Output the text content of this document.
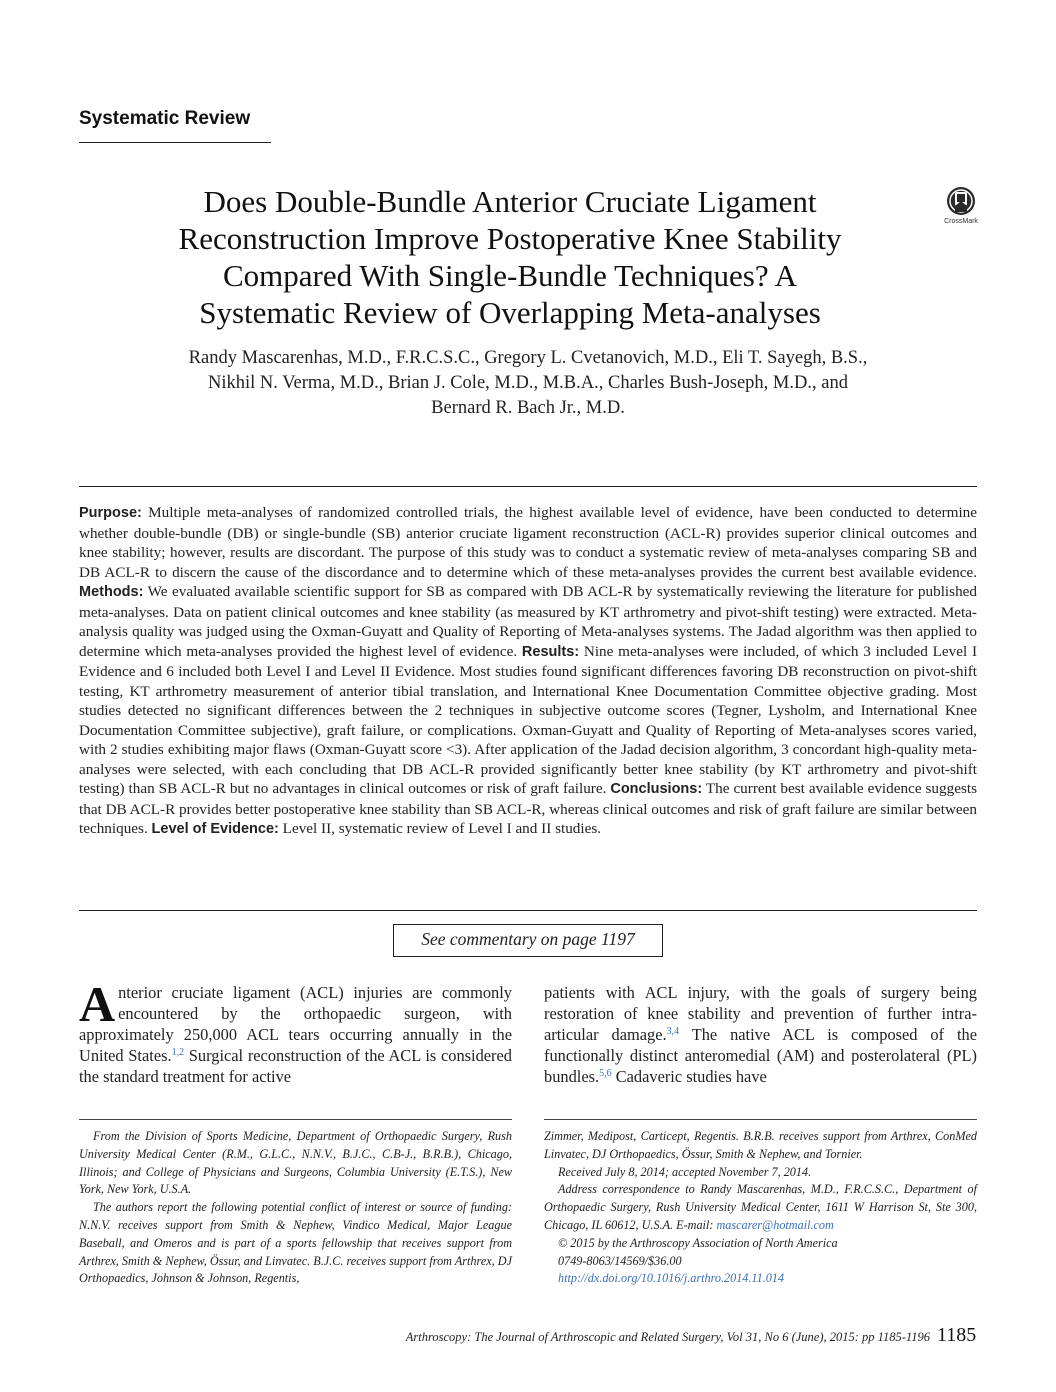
Systematic Review
Does Double-Bundle Anterior Cruciate Ligament
Reconstruction Improve Postoperative Knee Stability
Compared With Single-Bundle Techniques? A
Systematic Review of Overlapping Meta-analyses
CrossMark
Randy Mascarenhas, M.D., F.R.C.S.C., Gregory L. Cvetanovich, M.D., Eli T. Sayegh, B.S.,
Nikhil N. Verma, M.D., Brian J. Cole, M.D., M.B.A., Charles Bush-Joseph, M.D., and
Bernard R. Bach Jr., M.D.
Purpose: Multiple meta-analyses of randomized controlled trials, the highest available level of evidence, have been conducted to determine whether double-bundle (DB) or single-bundle (SB) anterior cruciate ligament reconstruction (ACL-R) provides superior clinical outcomes and knee stability; however, results are discordant. The purpose of this study was to conduct a systematic review of meta-analyses comparing SB and DB ACL-R to discern the cause of the discordance and to determine which of these meta-analyses provides the current best available evidence. Methods: We evaluated available scientific support for SB as compared with DB ACL-R by systematically reviewing the literature for published meta-analyses. Data on patient clinical outcomes and knee stability (as measured by KT arthrometry and pivot-shift testing) were extracted. Meta-analysis quality was judged using the Oxman-Guyatt and Quality of Reporting of Meta-analyses systems. The Jadad algorithm was then applied to determine which meta-analyses provided the highest level of evidence. Results: Nine meta-analyses were included, of which 3 included Level I Evidence and 6 included both Level I and Level II Evidence. Most studies found significant differences favoring DB reconstruction on pivot-shift testing, KT arthrometry measurement of anterior tibial translation, and International Knee Documentation Committee objective grading. Most studies detected no significant differences between the 2 techniques in subjective outcome scores (Tegner, Lysholm, and International Knee Documentation Committee subjective), graft failure, or complications. Oxman-Guyatt and Quality of Reporting of Meta-analyses scores varied, with 2 studies exhibiting major flaws (Oxman-Guyatt score <3). After application of the Jadad decision algorithm, 3 concordant high-quality meta-analyses were selected, with each concluding that DB ACL-R provided significantly better knee stability (by KT arthrometry and pivot-shift testing) than SB ACL-R but no advantages in clinical outcomes or risk of graft failure. Conclusions: The current best available evidence suggests that DB ACL-R provides better postoperative knee stability than SB ACL-R, whereas clinical outcomes and risk of graft failure are similar between techniques. Level of Evidence: Level II, systematic review of Level I and II studies.
See commentary on page 1197
Anterior cruciate ligament (ACL) injuries are commonly encountered by the orthopaedic surgeon, with approximately 250,000 ACL tears occurring annually in the United States.$^{1,2}$ Surgical reconstruction of the ACL is considered the standard treatment for active
patients with ACL injury, with the goals of surgery being restoration of knee stability and prevention of further intra-articular damage.$^{3,4}$ The native ACL is composed of the functionally distinct anteromedial (AM) and posterolateral (PL) bundles.$^{5,6}$ Cadaveric studies have

From the Division of Sports Medicine, Department of Orthopaedic Surgery, Rush University Medical Center (R.M., G.L.C., N.N.V., B.J.C., C.B-J., B.R.B.), Chicago, Illinois; and College of Physicians and Surgeons, Columbia University (E.T.S.), New York, New York, U.S.A.

The authors report the following potential conflict of interest or source of funding: N.N.V. receives support from Smith & Nephew, Vindico Medical, Major League Baseball, and Omeros and is part of a sports fellowship that receives support from Arthrex, Smith & Nephew, Össur, and Linvatec. B.J.C. receives support from Arthrex, DJ Orthopaedics, Johnson & Johnson, Regentis,

Zimmer, Medipost, Carticept, Regentis. B.R.B. receives support from Arthrex, ConMed Linvatec, DJ Orthopaedics, Össur, Smith & Nephew, and Tornier.

Received July 8, 2014; accepted November 7, 2014.

Address correspondence to Randy Mascarenhas, M.D., F.R.C.S.C., Department of Orthopaedic Surgery, Rush University Medical Center, 1611 W Harrison St, Ste 300, Chicago, IL 60612, U.S.A. E-mail: mascarer@hotmail.com

© 2015 by the Arthroscopy Association of North America

0749-8063/14569/$36.00

http://dx.doi.org/10.1016/j.arthro.2014.11.014

Arthroscopy: The Journal of Arthroscopic and Related Surgery, Vol 31, No 6 (June), 2015: pp 1185-1196 1185
